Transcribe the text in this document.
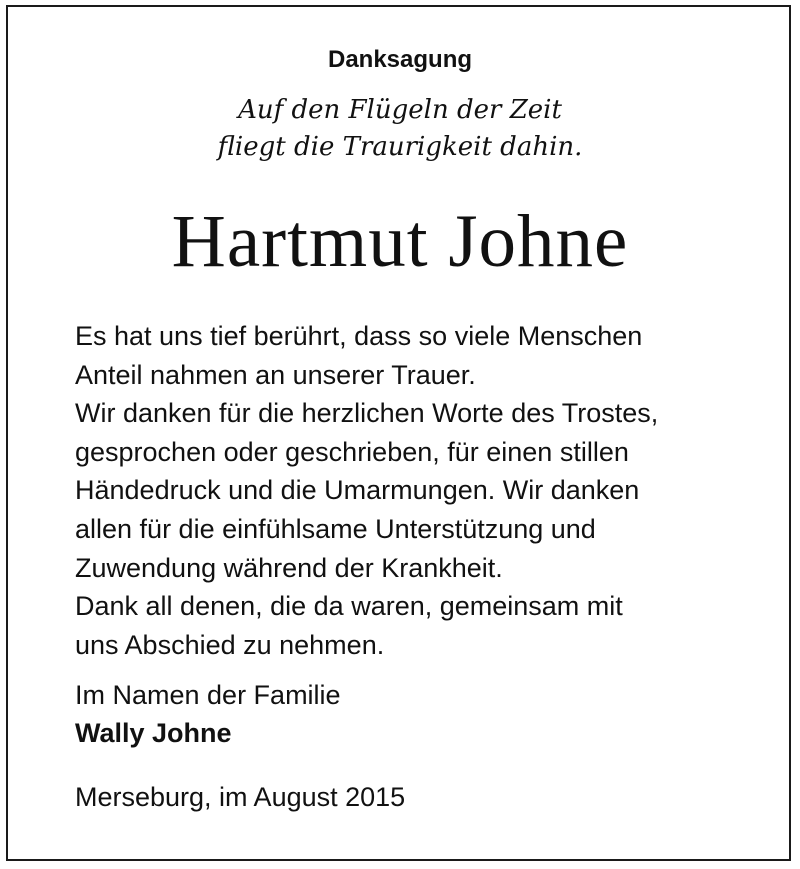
Danksagung
Auf den Flügeln der Zeit
fliegt die Traurigkeit dahin.
Hartmut Johne
Es hat uns tief berührt, dass so viele Menschen
Anteil nahmen an unserer Trauer.
Wir danken für die herzlichen Worte des Trostes,
gesprochen oder geschrieben, für einen stillen
Händedruck und die Umarmungen. Wir danken
allen für die einfühlsame Unterstützung und
Zuwendung während der Krankheit.
Dank all denen, die da waren, gemeinsam mit
uns Abschied zu nehmen.
Im Namen der Familie
Wally Johne
Merseburg, im August 2015
